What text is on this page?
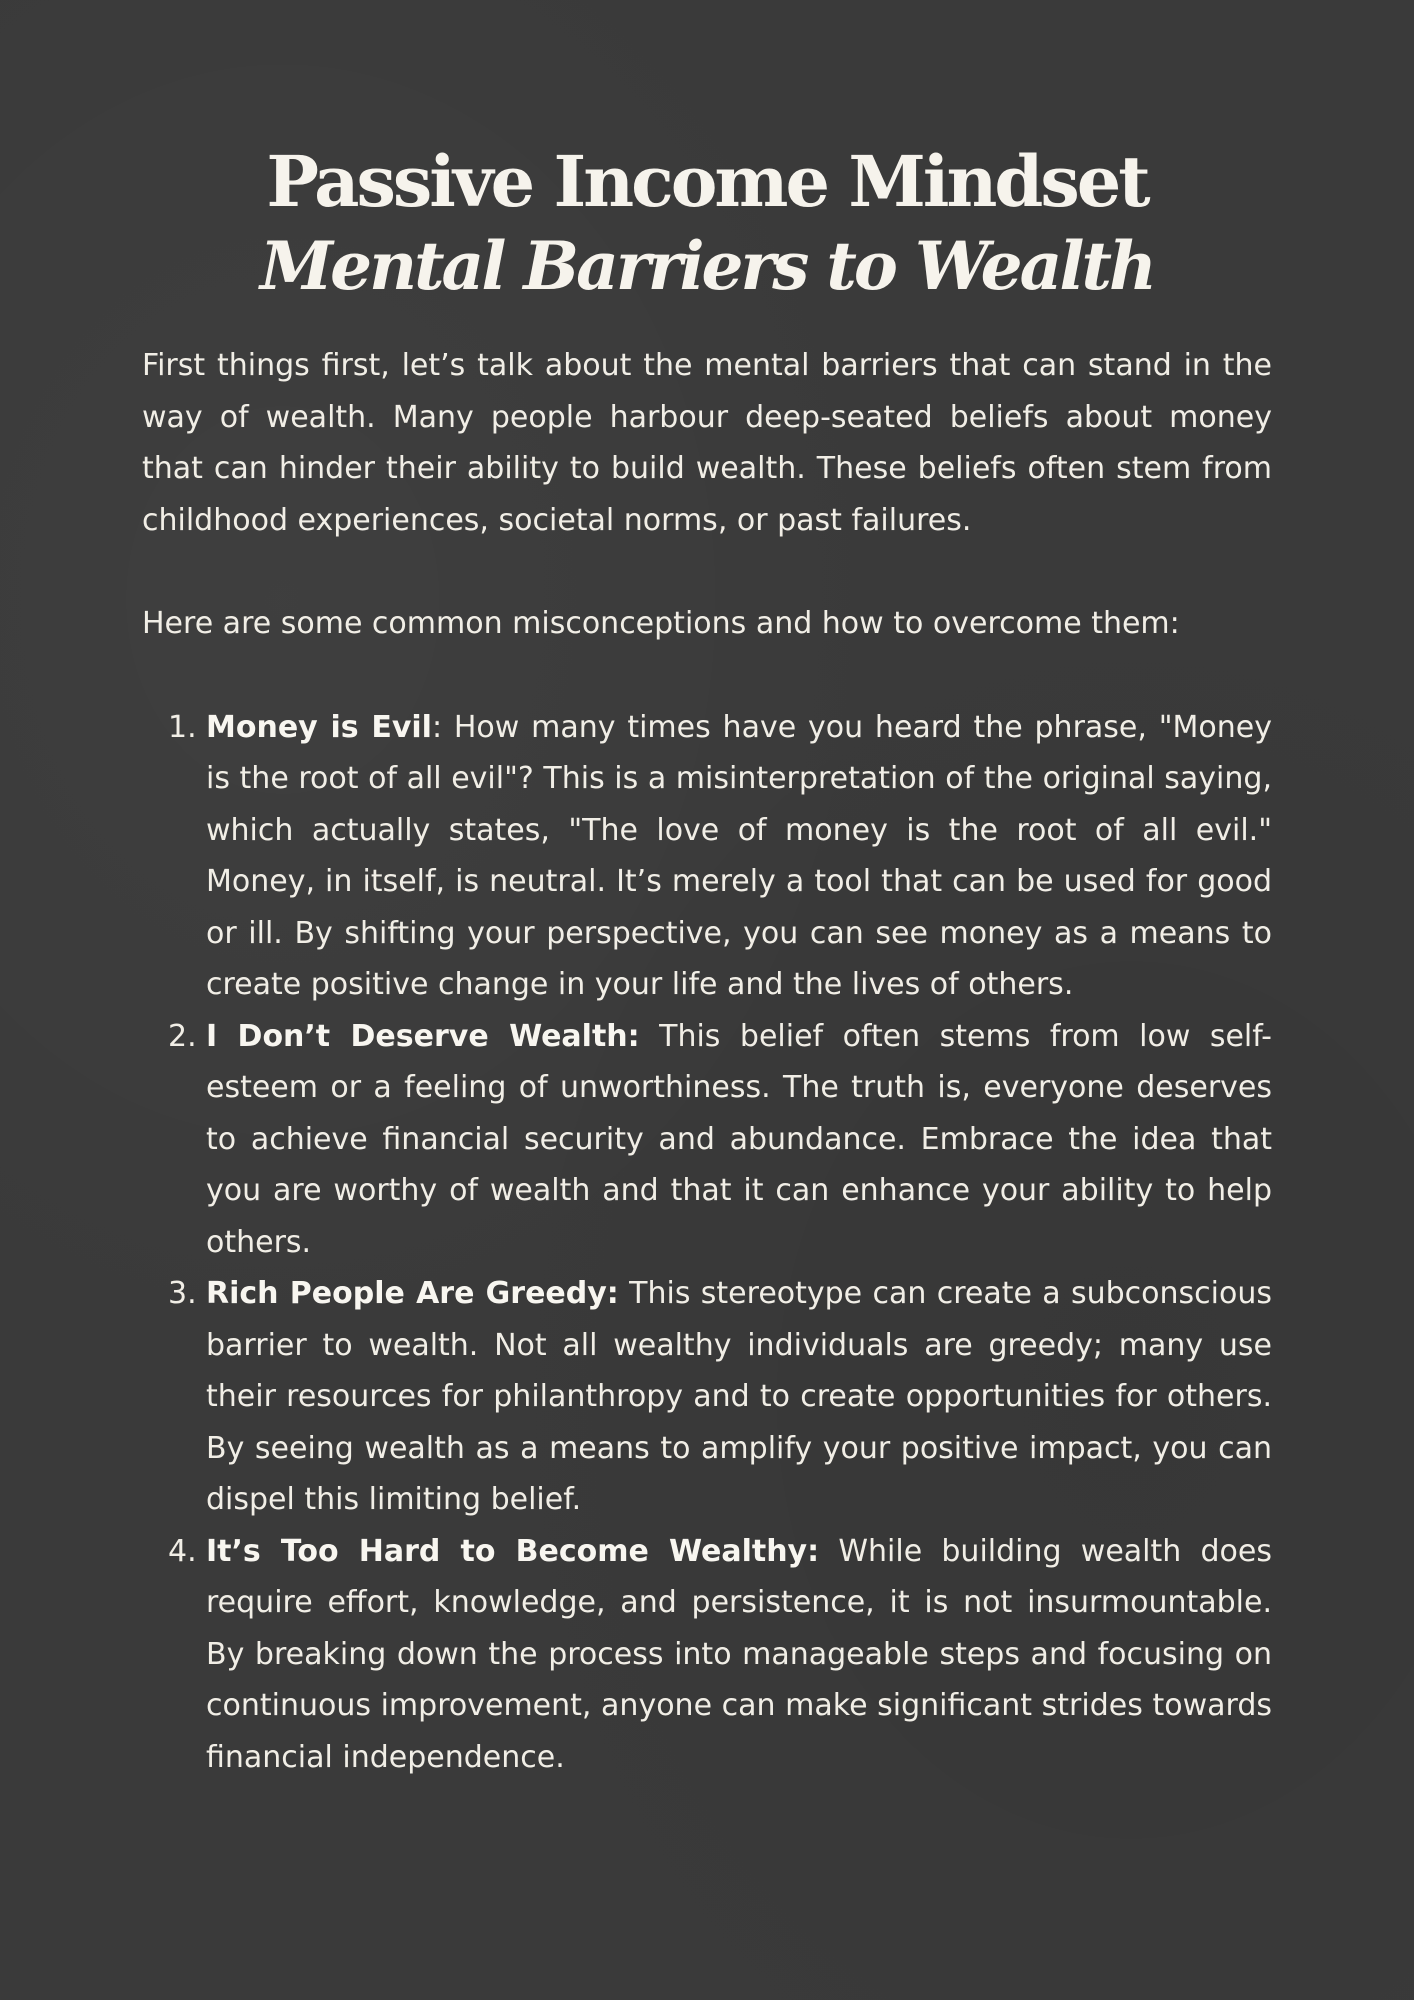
Passive Income Mindset
Mental Barriers to Wealth

First things first, let’s talk about the mental barriers that can stand in the way of wealth. Many people harbour deep-seated beliefs about money that can hinder their ability to build wealth. These beliefs often stem from childhood experiences, societal norms, or past failures.

Here are some common misconceptions and how to overcome them:

1. Money is Evil: How many times have you heard the phrase, "Money is the root of all evil"? This is a misinterpretation of the original saying, which actually states, "The love of money is the root of all evil." Money, in itself, is neutral. It’s merely a tool that can be used for good or ill. By shifting your perspective, you can see money as a means to create positive change in your life and the lives of others.
2. I Don’t Deserve Wealth: This belief often stems from low self-esteem or a feeling of unworthiness. The truth is, everyone deserves to achieve financial security and abundance. Embrace the idea that you are worthy of wealth and that it can enhance your ability to help others.
3. Rich People Are Greedy: This stereotype can create a subconscious barrier to wealth. Not all wealthy individuals are greedy; many use their resources for philanthropy and to create opportunities for others. By seeing wealth as a means to amplify your positive impact, you can dispel this limiting belief.
4. It’s Too Hard to Become Wealthy: While building wealth does require effort, knowledge, and persistence, it is not insurmountable. By breaking down the process into manageable steps and focusing on continuous improvement, anyone can make significant strides towards financial independence.
